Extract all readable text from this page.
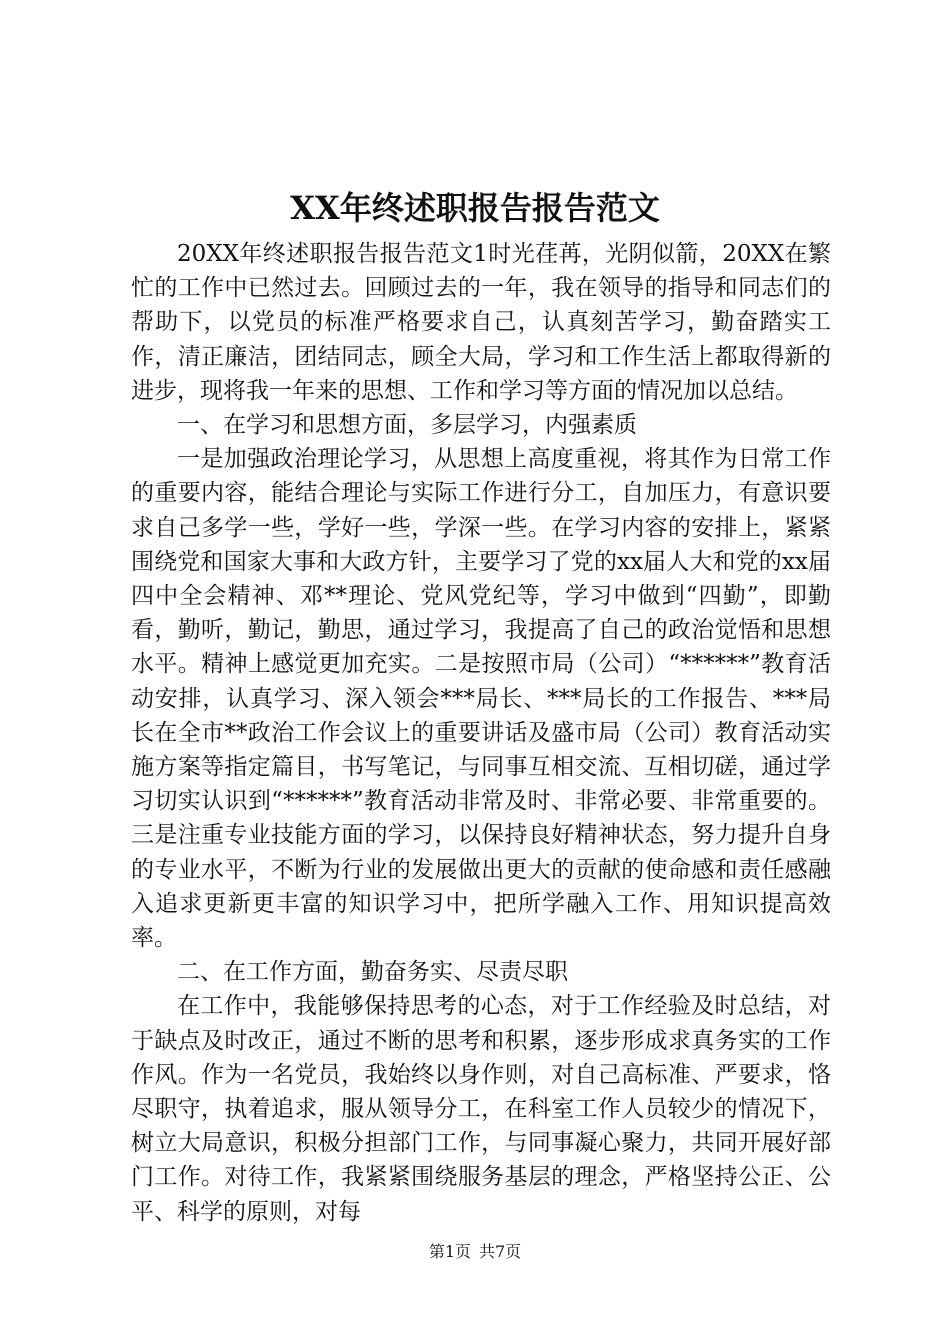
XX年终述职报告报告范文

20XX年终述职报告报告范文1时光荏苒，光阴似箭，20XX在繁忙的工作中已然过去。回顾过去的一年，我在领导的指导和同志们的帮助下，以党员的标准严格要求自己，认真刻苦学习，勤奋踏实工作，清正廉洁，团结同志，顾全大局，学习和工作生活上都取得新的进步，现将我一年来的思想、工作和学习等方面的情况加以总结。

一、在学习和思想方面，多层学习，内强素质

一是加强政治理论学习，从思想上高度重视，将其作为日常工作的重要内容，能结合理论与实际工作进行分工，自加压力，有意识要求自己多学一些，学好一些，学深一些。在学习内容的安排上，紧紧围绕党和国家大事和大政方针，主要学习了党的xx届人大和党的xx届四中全会精神、邓**理论、党风党纪等，学习中做到“四勤”，即勤看，勤听，勤记，勤思，通过学习，我提高了自己的政治觉悟和思想水平。精神上感觉更加充实。二是按照市局（公司）“******”教育活动安排，认真学习、深入领会***局长、***局长的工作报告、***局长在全市**政治工作会议上的重要讲话及盛市局（公司）教育活动实施方案等指定篇目，书写笔记，与同事互相交流、互相切磋，通过学习切实认识到“******”教育活动非常及时、非常必要、非常重要的。三是注重专业技能方面的学习，以保持良好精神状态，努力提升自身的专业水平，不断为行业的发展做出更大的贡献的使命感和责任感融入追求更新更丰富的知识学习中，把所学融入工作、用知识提高效率。

二、在工作方面，勤奋务实、尽责尽职

在工作中，我能够保持思考的心态，对于工作经验及时总结，对于缺点及时改正，通过不断的思考和积累，逐步形成求真务实的工作作风。作为一名党员，我始终以身作则，对自己高标准、严要求，恪尽职守，执着追求，服从领导分工，在科室工作人员较少的情况下，树立大局意识，积极分担部门工作，与同事凝心聚力，共同开展好部门工作。对待工作，我紧紧围绕服务基层的理念，严格坚持公正、公平、科学的原则，对每

第1页 共7页
